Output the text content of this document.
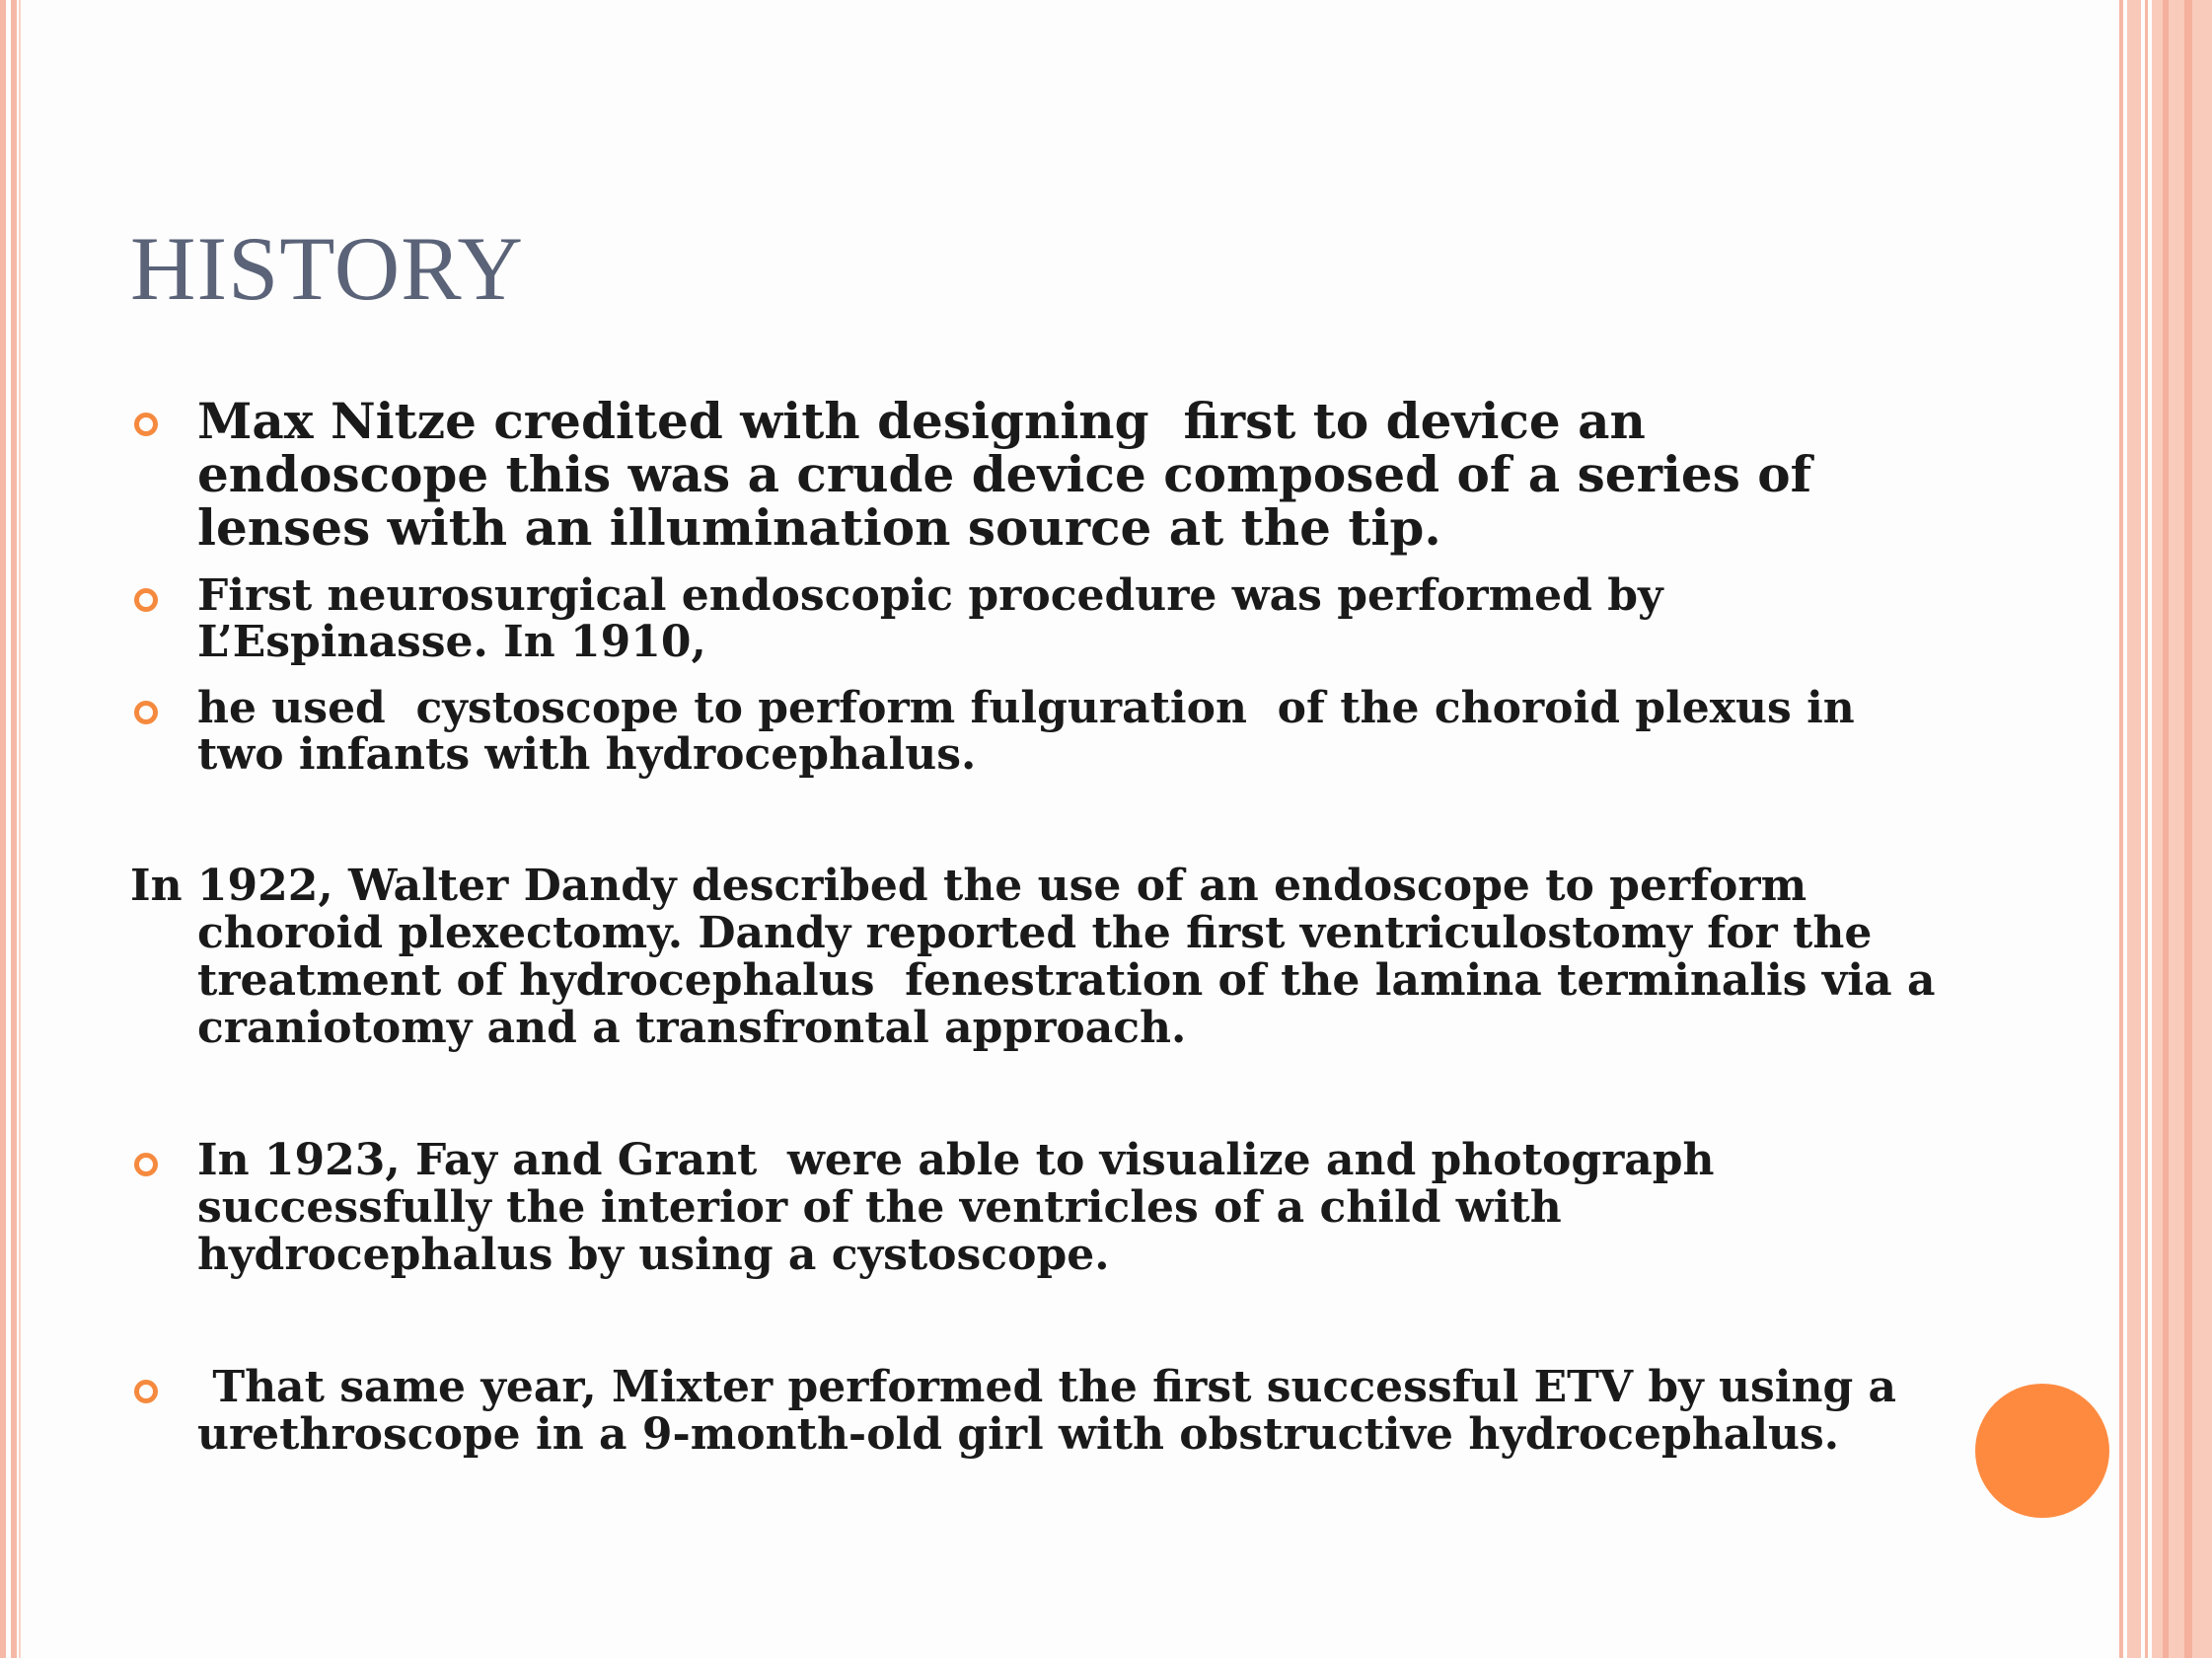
HISTORY
Max Nitze credited with designing  first to device an endoscope this was a crude device composed of a series of lenses with an illumination source at the tip.
First neurosurgical endoscopic procedure was performed by L’Espinasse. In 1910,
he used  cystoscope to perform fulguration  of the choroid plexus in two infants with hydrocephalus.
In 1922, Walter Dandy described the use of an endoscope to perform choroid plexectomy. Dandy reported the first ventriculostomy for the treatment of hydrocephalus  fenestration of the lamina terminalis via a craniotomy and a transfrontal approach.
In 1923, Fay and Grant  were able to visualize and photograph successfully the interior of the ventricles of a child with hydrocephalus by using a cystoscope.
That same year, Mixter performed the first successful ETV by using a urethroscope in a 9-month-old girl with obstructive hydrocephalus.
